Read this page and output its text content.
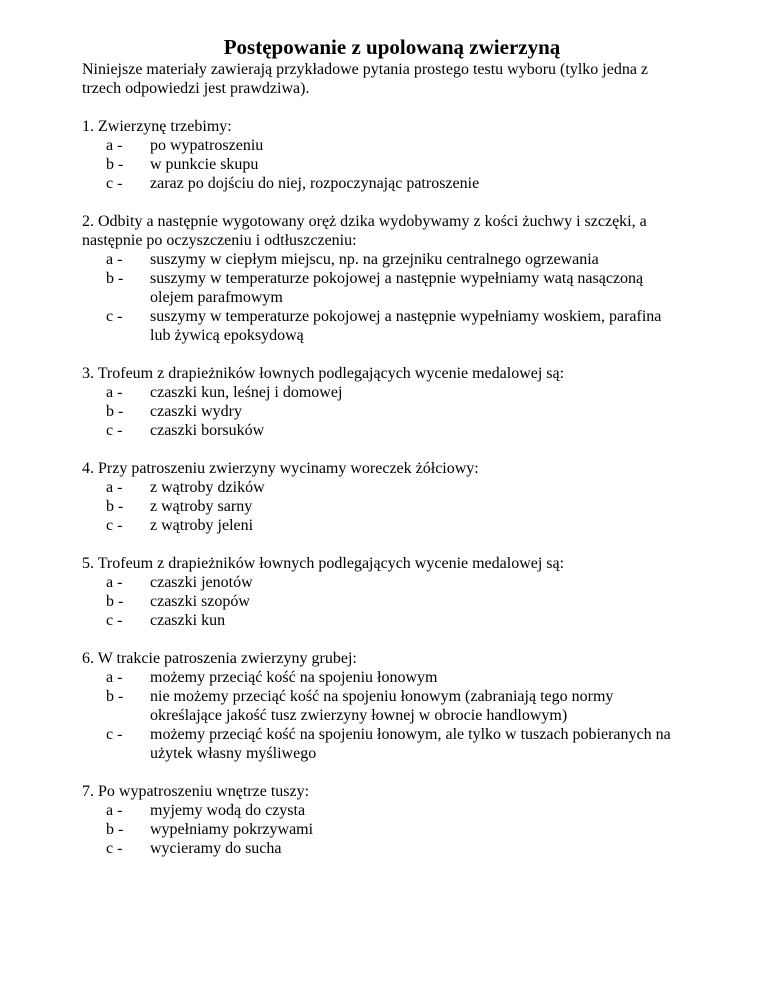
Postępowanie z upolowaną zwierzyną
Niniejsze materiały zawierają przykładowe pytania prostego testu wyboru (tylko jedna z trzech odpowiedzi jest prawdziwa).
1. Zwierzynę trzebimy:
a -	po wypatroszeniu
b -	w punkcie skupu
c -	zaraz po dojściu do niej, rozpoczynając patroszenie
2. Odbity a następnie wygotowany oręż dzika wydobywamy z kości żuchwy i szczęki, a następnie po oczyszczeniu i odtłuszczeniu:
a -	suszymy w ciepłym miejscu, np. na grzejniku centralnego ogrzewania
b -	suszymy w temperaturze pokojowej a następnie wypełniamy watą nasączoną olejem parafmowym
c -	suszymy w temperaturze pokojowej a następnie wypełniamy woskiem, parafina lub żywicą epoksydową
3. Trofeum z drapieżników łownych podlegających wycenie medalowej są:
a -	czaszki kun, leśnej i domowej
b -	czaszki wydry
c -	czaszki borsuków
4. Przy patroszeniu zwierzyny wycinamy woreczek żółciowy:
a -	z wątroby dzików
b -	z wątroby sarny
c -	z wątroby jeleni
5. Trofeum z drapieżników łownych podlegających wycenie medalowej są:
a -	czaszki jenotów
b -	czaszki szopów
c -	czaszki kun
6. W trakcie patroszenia zwierzyny grubej:
a -	możemy przeciąć kość na spojeniu łonowym
b -	nie możemy przeciąć kość na spojeniu łonowym (zabraniają tego normy określające jakość tusz zwierzyny łownej w obrocie handlowym)
c -	możemy przeciąć kość na spojeniu łonowym, ale tylko w tuszach pobieranych na użytek własny myśliwego
7. Po wypatroszeniu wnętrze tuszy:
a -	myjemy wodą do czysta
b -	wypełniamy pokrzywami
c -	wycieramy do sucha
